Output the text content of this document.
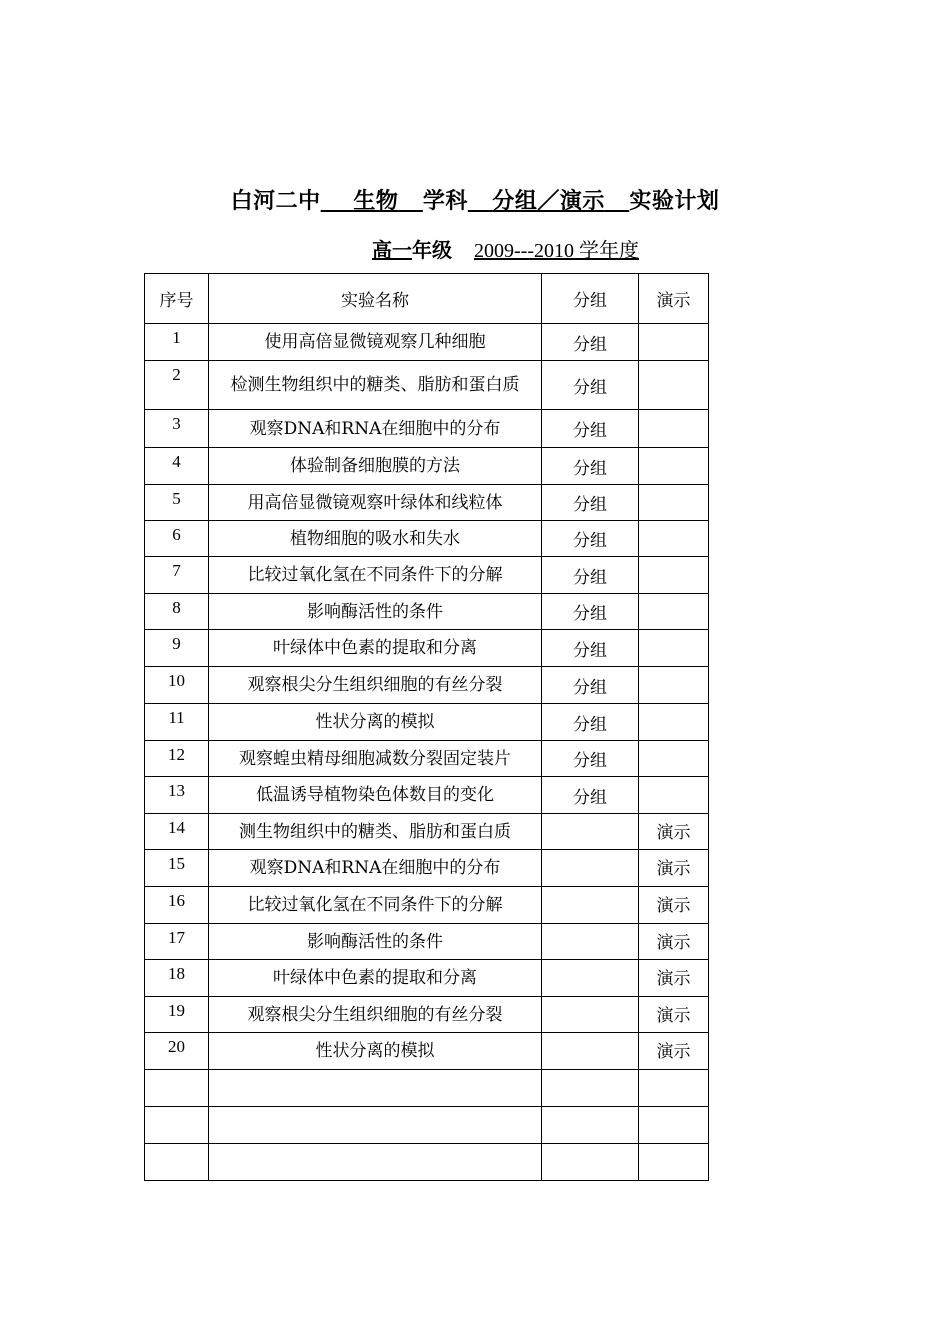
白河二中 生物 学科 分组／演示 实验计划
高一年级 2009---2010 学年度
序号	实验名称	分组	演示
1	使用高倍显微镜观察几种细胞	分组	
2	检测生物组织中的糖类、脂肪和蛋白质	分组	
3	观察DNA和RNA在细胞中的分布	分组	
4	体验制备细胞膜的方法	分组	
5	用高倍显微镜观察叶绿体和线粒体	分组	
6	植物细胞的吸水和失水	分组	
7	比较过氧化氢在不同条件下的分解	分组	
8	影响酶活性的条件	分组	
9	叶绿体中色素的提取和分离	分组	
10	观察根尖分生组织细胞的有丝分裂	分组	
11	性状分离的模拟	分组	
12	观察蝗虫精母细胞减数分裂固定装片	分组	
13	低温诱导植物染色体数目的变化	分组	
14	测生物组织中的糖类、脂肪和蛋白质		演示
15	观察DNA和RNA在细胞中的分布		演示
16	比较过氧化氢在不同条件下的分解		演示
17	影响酶活性的条件		演示
18	叶绿体中色素的提取和分离		演示
19	观察根尖分生组织细胞的有丝分裂		演示
20	性状分离的模拟		演示
